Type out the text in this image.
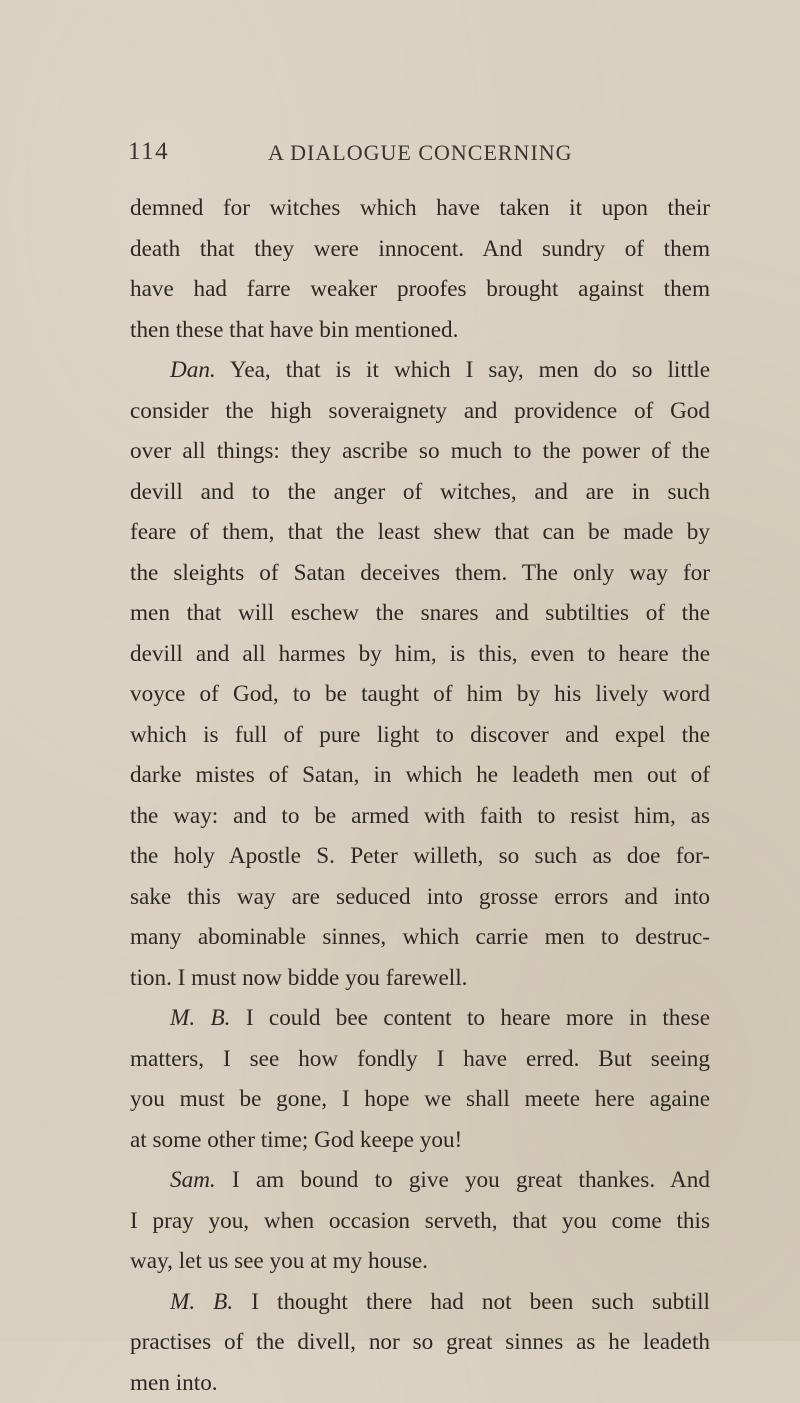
114	A DIALOGUE CONCERNING
demned for witches which have taken it upon their
death that they were innocent. And sundry of them
have had farre weaker proofes brought against them
then these that have bin mentioned.
Dan. Yea, that is it which I say, men do so little
consider the high soveraignety and providence of God
over all things: they ascribe so much to the power of the
devill and to the anger of witches, and are in such
feare of them, that the least shew that can be made by
the sleights of Satan deceives them. The only way for
men that will eschew the snares and subtilties of the
devill and all harmes by him, is this, even to heare the
voyce of God, to be taught of him by his lively word
which is full of pure light to discover and expel the
darke mistes of Satan, in which he leadeth men out of
the way: and to be armed with faith to resist him, as
the holy Apostle S. Peter willeth, so such as doe for-
sake this way are seduced into grosse errors and into
many abominable sinnes, which carrie men to destruc-
tion. I must now bidde you farewell.
M. B. I could bee content to heare more in these
matters, I see how fondly I have erred. But seeing
you must be gone, I hope we shall meete here againe
at some other time; God keepe you!
Sam. I am bound to give you great thankes. And
I pray you, when occasion serveth, that you come this
way, let us see you at my house.
M. B. I thought there had not been such subtill
practises of the divell, nor so great sinnes as he leadeth
men into.
